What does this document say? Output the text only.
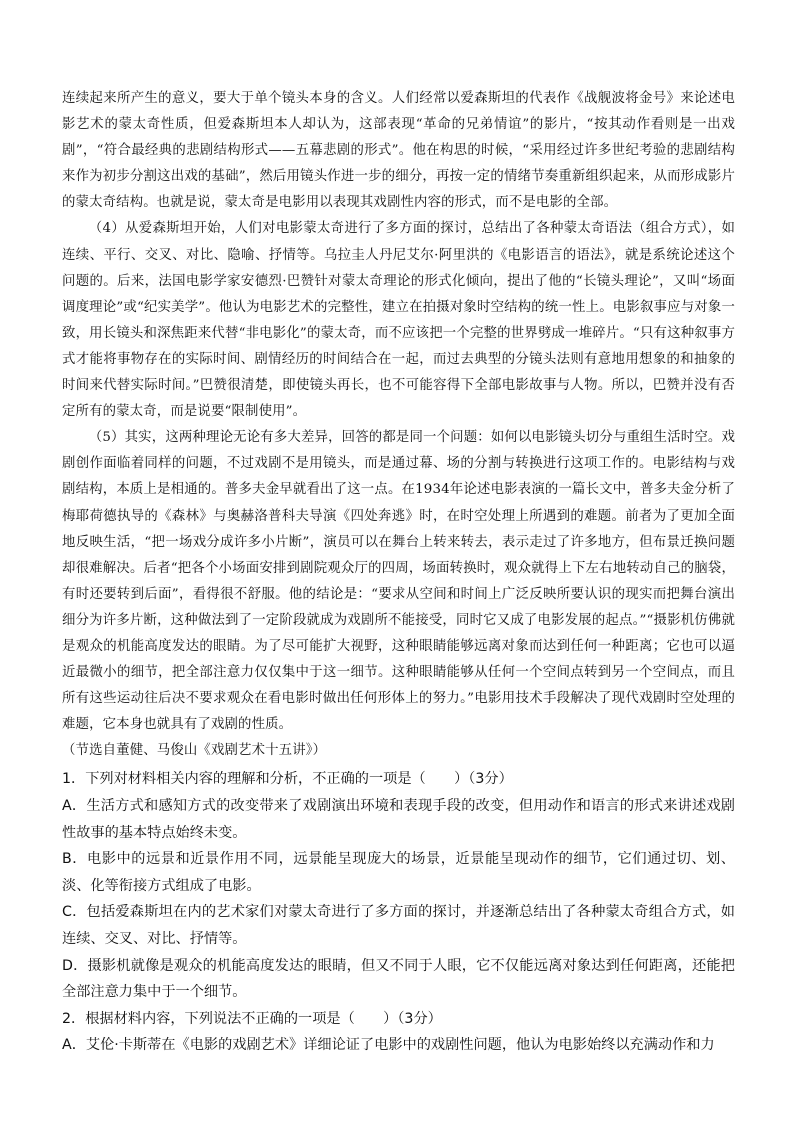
连续起来所产生的意义，要大于单个镜头本身的含义。人们经常以爱森斯坦的代表作《战舰波将金号》来论述电影艺术的蒙太奇性质，但爱森斯坦本人却认为，这部表现“革命的兄弟情谊”的影片，“按其动作看则是一出戏剧”，“符合最经典的悲剧结构形式——五幕悲剧的形式”。他在构思的时候，“采用经过许多世纪考验的悲剧结构来作为初步分割这出戏的基础”，然后用镜头作进一步的细分，再按一定的情绪节奏重新组织起来，从而形成影片的蒙太奇结构。也就是说，蒙太奇是电影用以表现其戏剧性内容的形式，而不是电影的全部。

（4）从爱森斯坦开始，人们对电影蒙太奇进行了多方面的探讨，总结出了各种蒙太奇语法（组合方式），如连续、平行、交叉、对比、隐喻、抒情等。乌拉圭人丹尼艾尔·阿里洪的《电影语言的语法》，就是系统论述这个问题的。后来，法国电影学家安德烈·巴赞针对蒙太奇理论的形式化倾向，提出了他的“长镜头理论”，又叫“场面调度理论”或“纪实美学”。他认为电影艺术的完整性，建立在拍摄对象时空结构的统一性上。电影叙事应与对象一致，用长镜头和深焦距来代替“非电影化”的蒙太奇，而不应该把一个完整的世界劈成一堆碎片。“只有这种叙事方式才能将事物存在的实际时间、剧情经历的时间结合在一起，而过去典型的分镜头法则有意地用想象的和抽象的时间来代替实际时间。”巴赞很清楚，即使镜头再长，也不可能容得下全部电影故事与人物。所以，巴赞并没有否定所有的蒙太奇，而是说要“限制使用”。

（5）其实，这两种理论无论有多大差异，回答的都是同一个问题：如何以电影镜头切分与重组生活时空。戏剧创作面临着同样的问题，不过戏剧不是用镜头，而是通过幕、场的分割与转换进行这项工作的。电影结构与戏剧结构，本质上是相通的。普多夫金早就看出了这一点。在1934年论述电影表演的一篇长文中，普多夫金分析了梅耶荷德执导的《森林》与奥赫洛普科夫导演《四处奔逃》时，在时空处理上所遇到的难题。前者为了更加全面地反映生活，“把一场戏分成许多小片断”，演员可以在舞台上转来转去，表示走过了许多地方，但布景迁换问题却很难解决。后者“把各个小场面安排到剧院观众厅的四周，场面转换时，观众就得上下左右地转动自己的脑袋，有时还要转到后面”，看得很不舒服。他的结论是：“要求从空间和时间上广泛反映所要认识的现实而把舞台演出细分为许多片断，这种做法到了一定阶段就成为戏剧所不能接受，同时它又成了电影发展的起点。”“摄影机仿佛就是观众的机能高度发达的眼睛。为了尽可能扩大视野，这种眼睛能够远离对象而达到任何一种距离；它也可以逼近最微小的细节，把全部注意力仅仅集中于这一细节。这种眼睛能够从任何一个空间点转到另一个空间点，而且所有这些运动往后决不要求观众在看电影时做出任何形体上的努力。”电影用技术手段解决了现代戏剧时空处理的难题，它本身也就具有了戏剧的性质。

（节选自董健、马俊山《戏剧艺术十五讲》）

1．下列对材料相关内容的理解和分析，不正确的一项是（　　）（3分）

A．生活方式和感知方式的改变带来了戏剧演出环境和表现手段的改变，但用动作和语言的形式来讲述戏剧性故事的基本特点始终未变。

B．电影中的远景和近景作用不同，远景能呈现庞大的场景，近景能呈现动作的细节，它们通过切、划、淡、化等衔接方式组成了电影。

C．包括爱森斯坦在内的艺术家们对蒙太奇进行了多方面的探讨，并逐渐总结出了各种蒙太奇组合方式，如连续、交叉、对比、抒情等。

D．摄影机就像是观众的机能高度发达的眼睛，但又不同于人眼，它不仅能远离对象达到任何距离，还能把全部注意力集中于一个细节。

2．根据材料内容，下列说法不正确的一项是（　　）（3分）

A．艾伦·卡斯蒂在《电影的戏剧艺术》详细论证了电影中的戏剧性问题，他认为电影始终以充满动作和力
